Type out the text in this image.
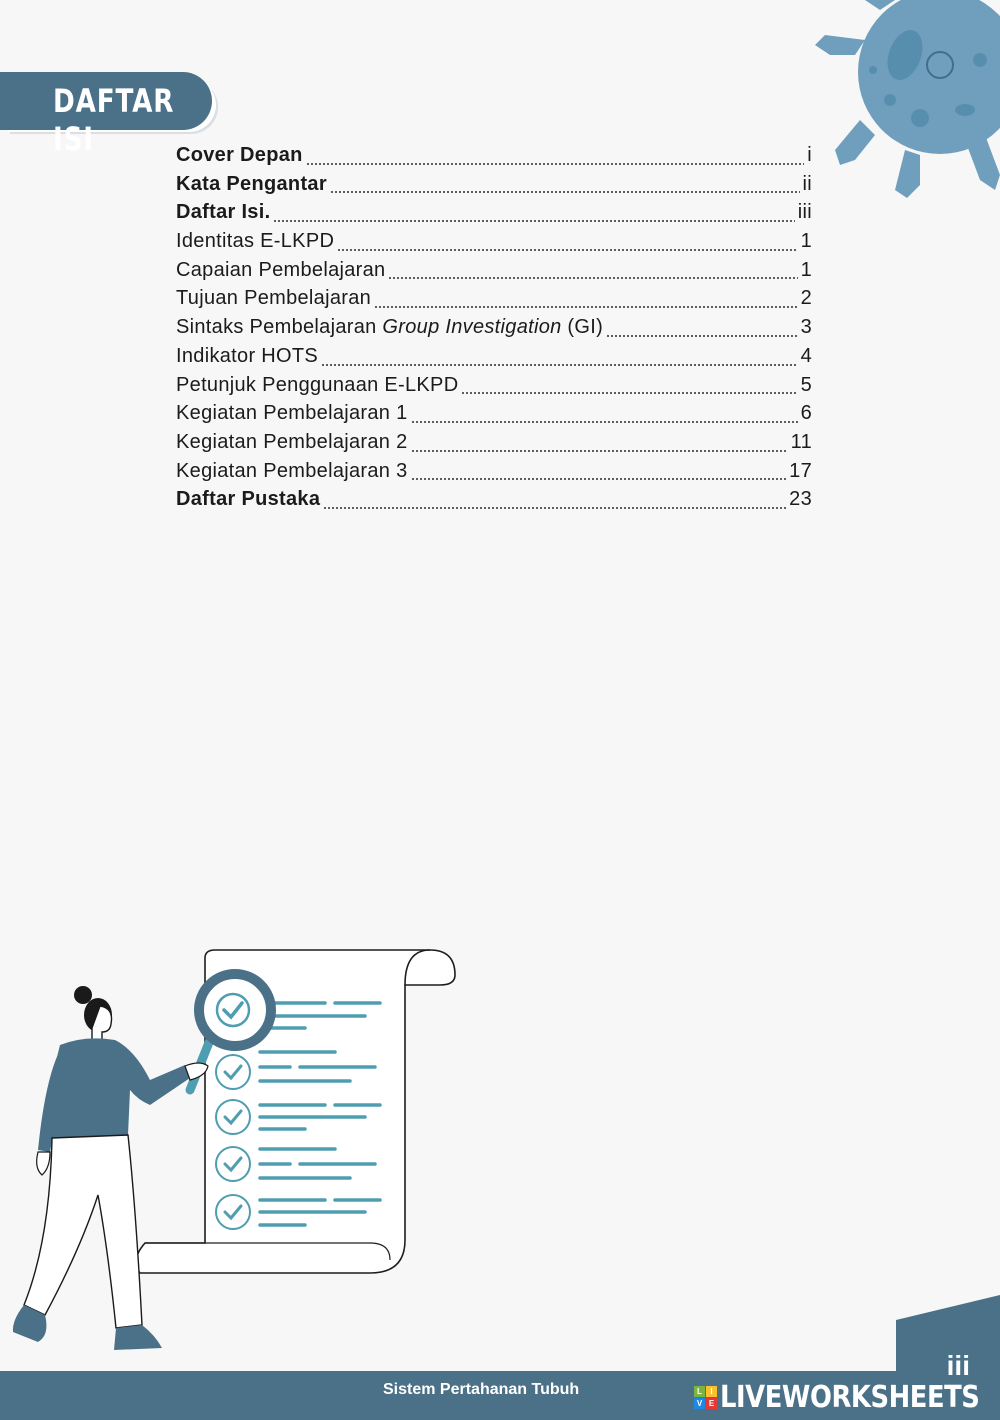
DAFTAR ISI	Cover Depan	i
Kata Pengantar	ii
Daftar Isi.	iii
Identitas E-LKPD	1
Capaian Pembelajaran	1
Tujuan Pembelajaran	2
Sintaks Pembelajaran Group Investigation (GI)	3
Indikator HOTS	4
Petunjuk Penggunaan E-LKPD	5
Kegiatan Pembelajaran 1	6
Kegiatan Pembelajaran 2	11
Kegiatan Pembelajaran 3	17
Daftar Pustaka	23
Sistem Pertahanan Tubuh
iii
L	I
V E LIVEWORKSHEETS
